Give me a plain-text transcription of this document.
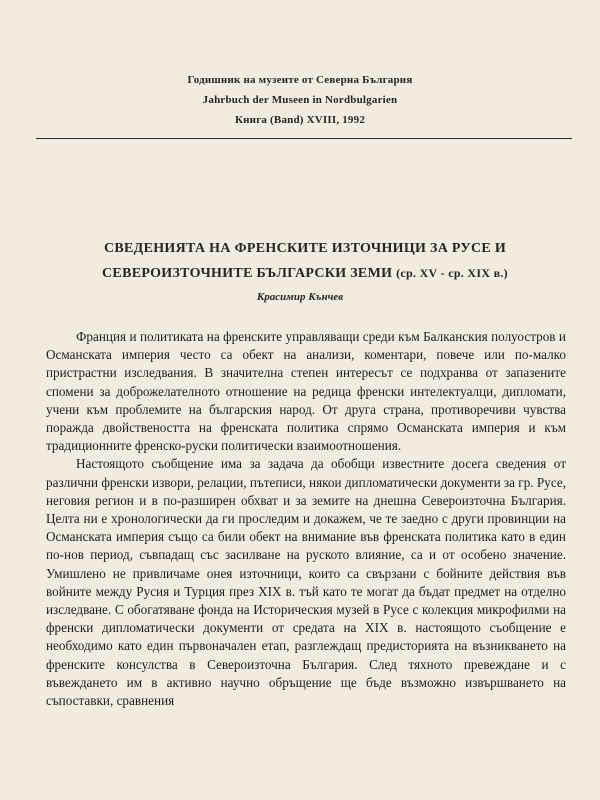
Годишник на музеите от Северна България
Jahrbuch der Museen in Nordbulgarien
Книга (Band) XVIII, 1992
СВЕДЕНИЯТА НА ФРЕНСКИТЕ ИЗТОЧНИЦИ ЗА РУСЕ И
СЕВЕРОИЗТОЧНИТЕ БЪЛГАРСКИ ЗЕМИ (ср. XV - ср. XIX в.)
Красимир Кънчев

Франция и политиката на френските управляващи среди към Балканския полуостров и Османската империя често са обект на анализи, коментари, повече или по-малко пристрастни изследвания. В значителна степен интересът се подхранва от запазените спомени за доброжелателното отношение на редица френски интелектуалци, дипломати, учени към проблемите на българския народ. От друга страна, противоречиви чувства поражда двойствеността на френската политика спрямо Османската империя и към традиционните френско-руски политически взаимоотношения.

Настоящото съобщение има за задача да обобщи известните досега сведения от различни френски извори, релации, пътеписи, някои дипломатически документи за гр. Русе, неговия регион и в по-разширен обхват и за земите на днешна Североизточна България. Целта ни е хронологически да ги проследим и докажем, че те заедно с други провинции на Османската империя също са били обект на внимание във френската политика като в един по-нов период, съвпадащ със засилване на руското влияние, са и от особено значение. Умишлено не привличаме онея източници, които са свързани с бойните действия във войните между Русия и Турция през XIX в. тъй като те могат да бъдат предмет на отделно изследване. С обогатяване фонда на Историческия музей в Русе с колекция микрофилми на френски дипломатически документи от средата на XIX в. настоящото съобщение е необходимо като един първоначален етап, разглеждащ предисторията на възникването на френските консулства в Североизточна България. След тяхното превеждане и с въвеждането им в активно научно обръщение ще бъде възможно извършването на съпоставки, сравнения
